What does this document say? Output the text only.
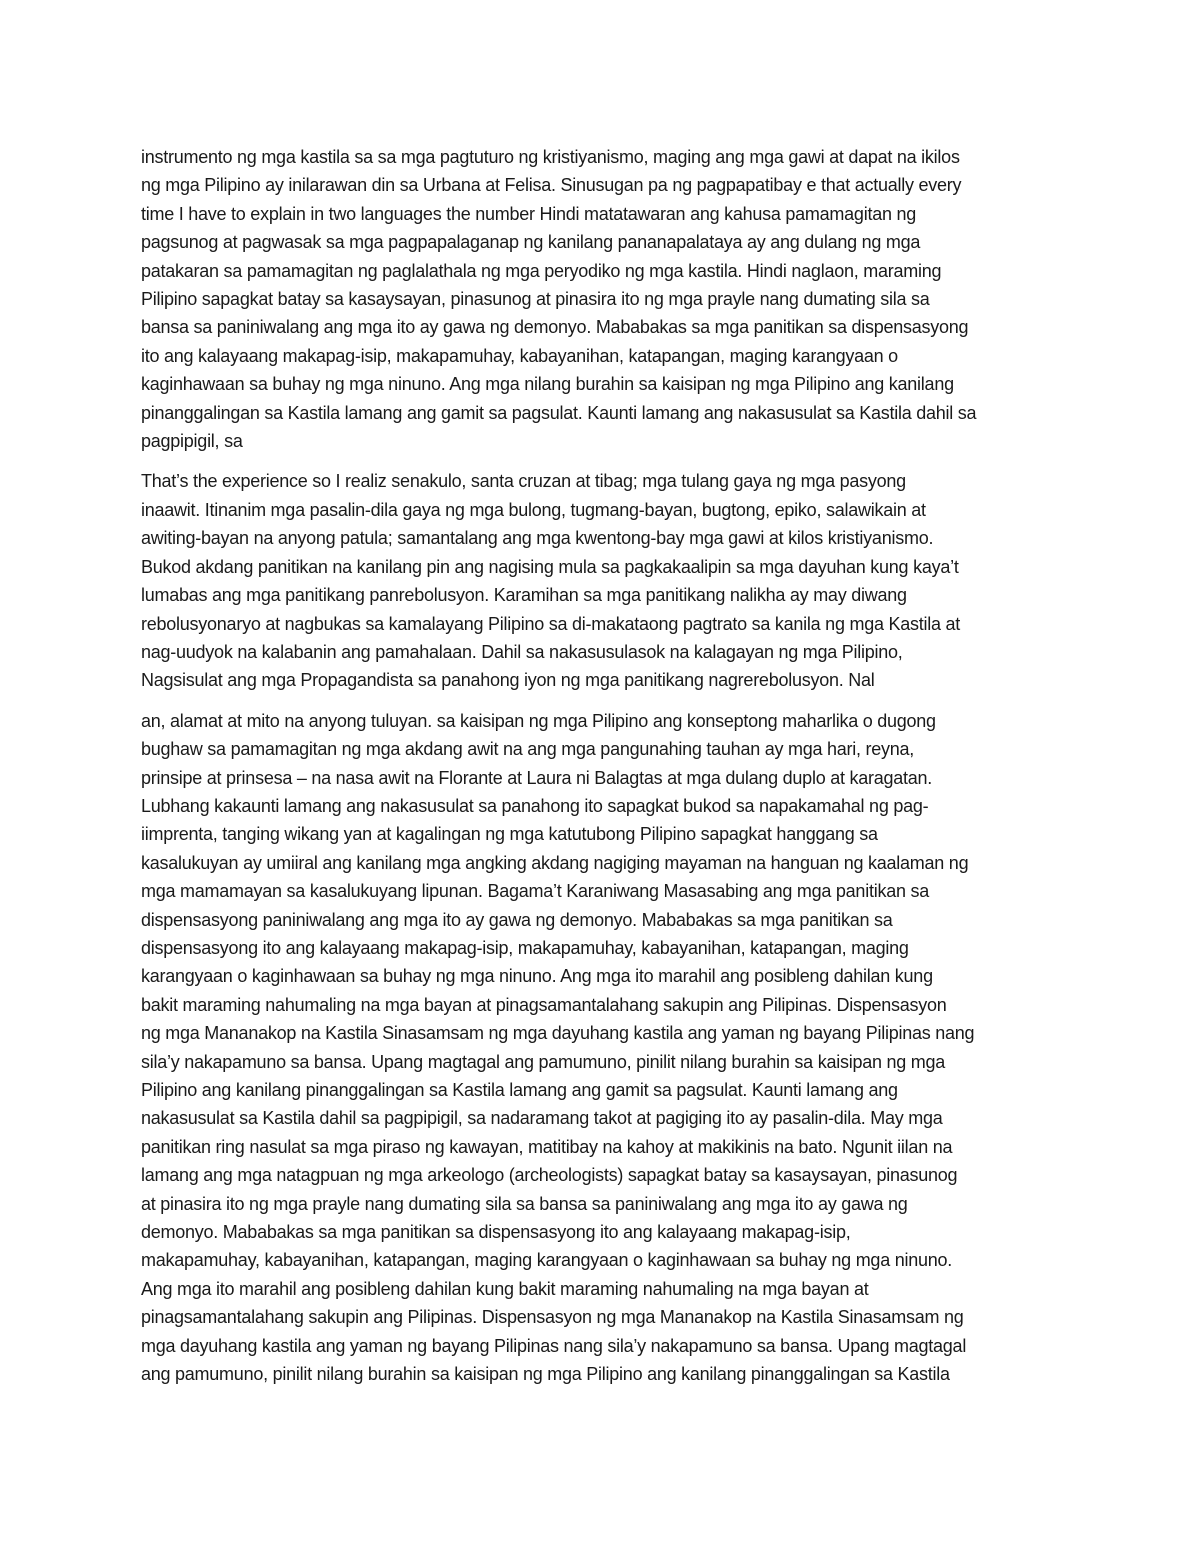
instrumento ng mga kastila sa sa mga pagtuturo ng kristiyanismo, maging ang mga gawi at dapat na ikilos
ng mga Pilipino ay inilarawan din sa Urbana at Felisa. Sinusugan pa ng pagpapatibay e that actually every
time I have to explain in two languages the number Hindi matatawaran ang kahusa pamamagitan ng
pagsunog at pagwasak sa mga pagpapalaganap ng kanilang pananapalataya ay ang dulang ng mga
patakaran sa pamamagitan ng paglalathala ng mga peryodiko ng mga kastila. Hindi naglaon, maraming
Pilipino sapagkat batay sa kasaysayan, pinasunog at pinasira ito ng mga prayle nang dumating sila sa
bansa sa paniniwalang ang mga ito ay gawa ng demonyo. Mababakas sa mga panitikan sa dispensasyong
ito ang kalayaang makapag-isip, makapamuhay, kabayanihan, katapangan, maging karangyaan o
kaginhawaan sa buhay ng mga ninuno. Ang mga nilang burahin sa kaisipan ng mga Pilipino ang kanilang
pinanggalingan sa Kastila lamang ang gamit sa pagsulat. Kaunti lamang ang nakasusulat sa Kastila dahil sa
pagpipigil, sa
That’s the experience so I realiz senakulo, santa cruzan at tibag; mga tulang gaya ng mga pasyong
inaawit. Itinanim mga pasalin-dila gaya ng mga bulong, tugmang-bayan, bugtong, epiko, salawikain at
awiting-bayan na anyong patula; samantalang ang mga kwentong-bay mga gawi at kilos kristiyanismo.
Bukod akdang panitikan na kanilang pin ang nagising mula sa pagkakaalipin sa mga dayuhan kung kaya’t
lumabas ang mga panitikang panrebolusyon. Karamihan sa mga panitikang nalikha ay may diwang
rebolusyonaryo at nagbukas sa kamalayang Pilipino sa di-makataong pagtrato sa kanila ng mga Kastila at
nag-uudyok na kalabanin ang pamahalaan. Dahil sa nakasusulasok na kalagayan ng mga Pilipino,
Nagsisulat ang mga Propagandista sa panahong iyon ng mga panitikang nagrerebolusyon. Nal
an, alamat at mito na anyong tuluyan. sa kaisipan ng mga Pilipino ang konseptong maharlika o dugong
bughaw sa pamamagitan ng mga akdang awit na ang mga pangunahing tauhan ay mga hari, reyna,
prinsipe at prinsesa – na nasa awit na Florante at Laura ni Balagtas at mga dulang duplo at karagatan.
Lubhang kakaunti lamang ang nakasusulat sa panahong ito sapagkat bukod sa napakamahal ng pag-
iimprenta, tanging wikang yan at kagalingan ng mga katutubong Pilipino sapagkat hanggang sa
kasalukuyan ay umiiral ang kanilang mga angking akdang nagiging mayaman na hanguan ng kaalaman ng
mga mamamayan sa kasalukuyang lipunan. Bagama’t Karaniwang Masasabing ang mga panitikan sa
dispensasyong paniniwalang ang mga ito ay gawa ng demonyo. Mababakas sa mga panitikan sa
dispensasyong ito ang kalayaang makapag-isip, makapamuhay, kabayanihan, katapangan, maging
karangyaan o kaginhawaan sa buhay ng mga ninuno. Ang mga ito marahil ang posibleng dahilan kung
bakit maraming nahumaling na mga bayan at pinagsamantalahang sakupin ang Pilipinas. Dispensasyon
ng mga Mananakop na Kastila Sinasamsam ng mga dayuhang kastila ang yaman ng bayang Pilipinas nang
sila’y nakapamuno sa bansa. Upang magtagal ang pamumuno, pinilit nilang burahin sa kaisipan ng mga
Pilipino ang kanilang pinanggalingan sa Kastila lamang ang gamit sa pagsulat. Kaunti lamang ang
nakasusulat sa Kastila dahil sa pagpipigil, sa nadaramang takot at pagiging ito ay pasalin-dila. May mga
panitikan ring nasulat sa mga piraso ng kawayan, matitibay na kahoy at makikinis na bato. Ngunit iilan na
lamang ang mga natagpuan ng mga arkeologo (archeologists) sapagkat batay sa kasaysayan, pinasunog
at pinasira ito ng mga prayle nang dumating sila sa bansa sa paniniwalang ang mga ito ay gawa ng
demonyo. Mababakas sa mga panitikan sa dispensasyong ito ang kalayaang makapag-isip,
makapamuhay, kabayanihan, katapangan, maging karangyaan o kaginhawaan sa buhay ng mga ninuno.
Ang mga ito marahil ang posibleng dahilan kung bakit maraming nahumaling na mga bayan at
pinagsamantalahang sakupin ang Pilipinas. Dispensasyon ng mga Mananakop na Kastila Sinasamsam ng
mga dayuhang kastila ang yaman ng bayang Pilipinas nang sila’y nakapamuno sa bansa. Upang magtagal
ang pamumuno, pinilit nilang burahin sa kaisipan ng mga Pilipino ang kanilang pinanggalingan sa Kastila
